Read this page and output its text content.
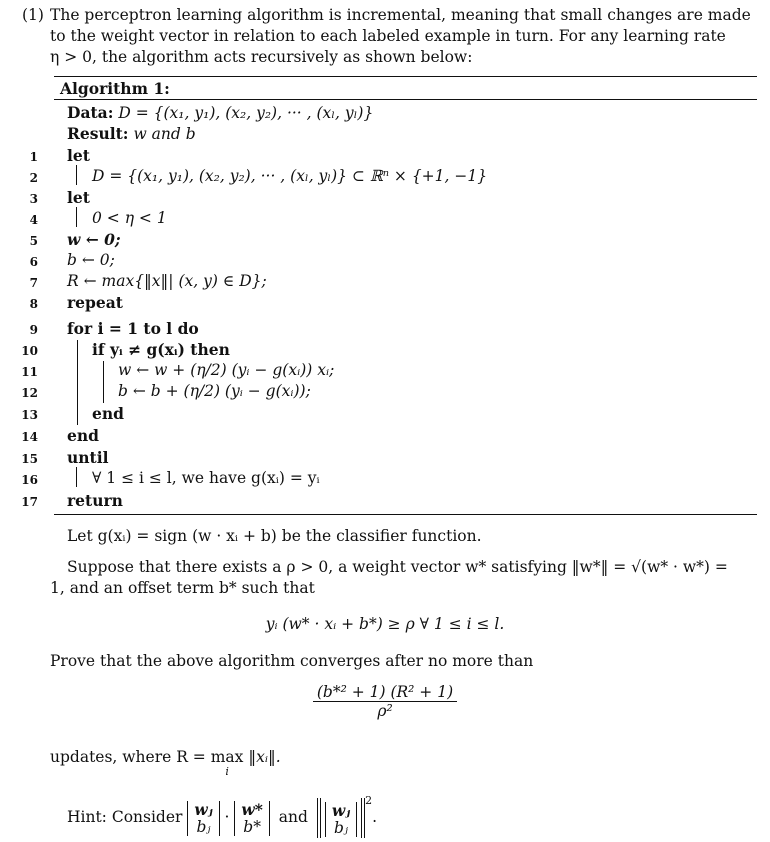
(1) The perceptron learning algorithm is incremental, meaning that small changes are made
to the weight vector in relation to each labeled example in turn. For any learning rate
η > 0, the algorithm acts recursively as shown below:
Algorithm 1:
Data: D = {(x₁, y₁), (x₂, y₂), ··· , (xₗ, yₗ)}
Result: w and b
1 let
2	D = {(x₁, y₁), (x₂, y₂), ··· , (xₗ, yₗ)} ⊂ ℝⁿ × {+1, −1}
3 let
4	0 < η < 1
5 w ← 0;
6 b ← 0;
7 R ← max{‖x‖| (x, y) ∈ D};
8 repeat
9 for i = 1 to l do
10	if yᵢ ≠ g(xᵢ) then
11	w ← w + (η/2) (yᵢ − g(xᵢ)) xᵢ;
12	b ← b + (η/2) (yᵢ − g(xᵢ));
13	end
14 end
15 until
16	∀ 1 ≤ i ≤ l, we have g(xᵢ) = yᵢ
17 return
Let g(xᵢ) = sign (w · xᵢ + b) be the classifier function.
Suppose that there exists a ρ > 0, a weight vector w* satisfying ‖w*‖ = √(w* · w*) =
1, and an offset term b* such that
yᵢ (w* · xᵢ + b*) ≥ ρ ∀ 1 ≤ i ≤ l.
Prove that the above algorithm converges after no more than
$\frac{\text{(b*² + 1) (R² + 1)}}{\text{ρ²}}$
updates, where R = max
i
‖xᵢ‖.
Hint: Consider wⱼ
bⱼ · w*
b* and wⱼ
bⱼ$^2$.
